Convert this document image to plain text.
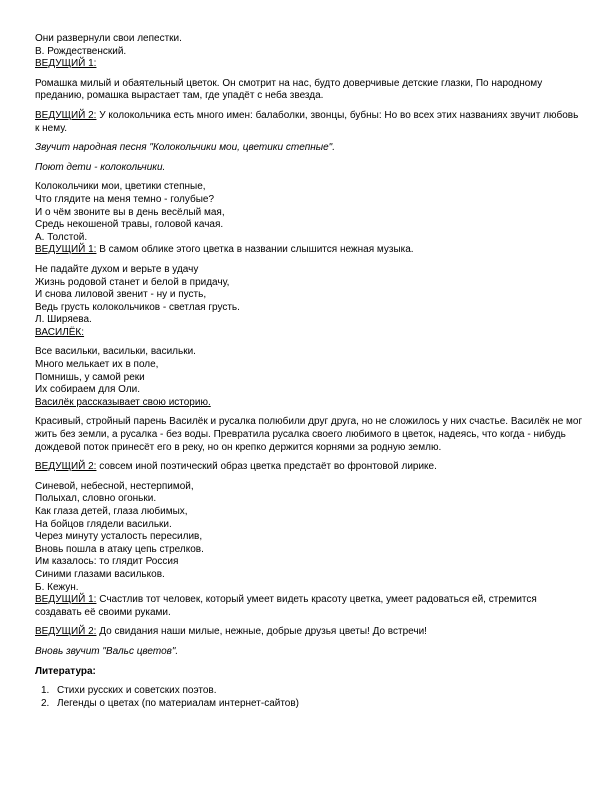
Они развернули свои лепестки.
В. Рождественский.
ВЕДУЩИЙ 1:

Ромашка милый и обаятельный цветок. Он смотрит на нас, будто доверчивые детские глазки, По народному преданию, ромашка вырастает там, где упадёт с неба звезда.

ВЕДУЩИЙ 2: У колокольчика есть много имен: балаболки, звонцы, бубны: Но во всех этих названиях звучит любовь к нему.

Звучит народная песня "Колокольчики мои, цветики степные".
Поют дети - колокольчики.
Колокольчики мои, цветики степные,
Что глядите на меня темно - голубые?
И о чём звоните вы в день весёлый мая,
Средь некошеной травы, головой качая.
А. Толстой.

ВЕДУЩИЙ 1: В самом облике этого цветка в названии слышится нежная музыка.

Не падайте духом и верьте в удачу
Жизнь родовой станет и белой в придачу,
И снова лиловой звенит - ну и пусть,
Ведь грусть колокольчиков - светлая грусть.
Л. Ширяева.
ВАСИЛЁК:
Все васильки, васильки, васильки.
Много мелькает их в поле,
Помнишь, у самой реки
Их собираем для Оли.
Василёк рассказывает свою историю.

Красивый, стройный парень Василёк и русалка полюбили друг друга, но не сложилось у них счастье. Василёк не мог жить без земли, а русалка - без воды. Превратила русалка своего любимого в цветок, надеясь, что когда - нибудь дождевой поток принесёт его в реку, но он крепко держится корнями за родную землю.

ВЕДУЩИЙ 2: совсем иной поэтический образ цветка предстаёт во фронтовой лирике.

Синевой, небесной, нестерпимой,
Полыхал, словно огоньки.
Как глаза детей, глаза любимых,
На бойцов глядели васильки.
Через минуту усталость пересилив,
Вновь пошла в атаку цепь стрелков.
Им казалось: то глядит Россия
Синими глазами васильков.
Б. Кежун.

ВЕДУЩИЙ 1: Счастлив тот человек, который умеет видеть красоту цветка, умеет радоваться ей, стремится создавать её своими руками.

ВЕДУЩИЙ 2: До свидания наши милые, нежные, добрые друзья цветы! До встречи!

Вновь звучит "Вальс цветов".
Литература:
1. Стихи русских и советских поэтов.
2. Легенды о цветах (по материалам интернет-сайтов)
